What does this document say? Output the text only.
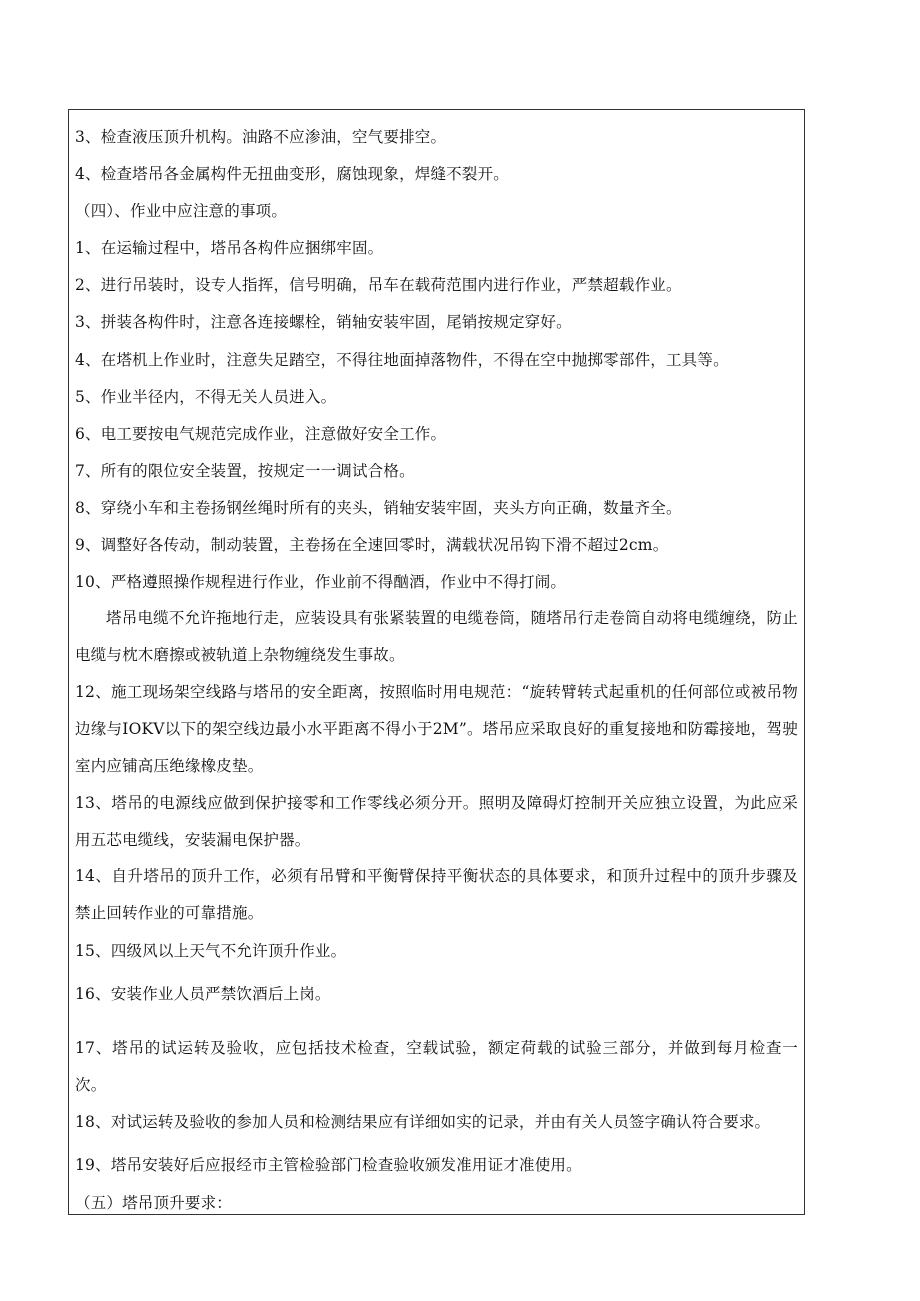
3、检查液压顶升机构。油路不应渗油，空气要排空。
4、检查塔吊各金属构件无扭曲变形，腐蚀现象，焊缝不裂开。
（四）、作业中应注意的事项。
1、在运输过程中，塔吊各构件应捆绑牢固。
2、进行吊装时，设专人指挥，信号明确，吊车在载荷范围内进行作业，严禁超载作业。
3、拼装各构件时，注意各连接螺栓，销轴安装牢固，尾销按规定穿好。
4、在塔机上作业时，注意失足踏空，不得往地面掉落物件，不得在空中抛掷零部件，工具等。
5、作业半径内，不得无关人员进入。
6、电工要按电气规范完成作业，注意做好安全工作。
7、所有的限位安全装置，按规定一一调试合格。
8、穿绕小车和主卷扬钢丝绳时所有的夹头，销轴安装牢固，夹头方向正确，数量齐全。
9、调整好各传动，制动装置，主卷扬在全速回零时，满载状况吊钩下滑不超过2cm。
10、严格遵照操作规程进行作业，作业前不得酗酒，作业中不得打闹。
塔吊电缆不允许拖地行走，应装设具有张紧装置的电缆卷筒，随塔吊行走卷筒自动将电缆缠绕，防止电缆与枕木磨擦或被轨道上杂物缠绕发生事故。
12、施工现场架空线路与塔吊的安全距离，按照临时用电规范：“旋转臂转式起重机的任何部位或被吊物边缘与IOKV以下的架空线边最小水平距离不得小于2M”。塔吊应采取良好的重复接地和防霉接地，驾驶室内应铺高压绝缘橡皮垫。
13、塔吊的电源线应做到保护接零和工作零线必须分开。照明及障碍灯控制开关应独立设置，为此应采用五芯电缆线，安装漏电保护器。
14、自升塔吊的顶升工作，必须有吊臂和平衡臂保持平衡状态的具体要求，和顶升过程中的顶升步骤及禁止回转作业的可靠措施。
15、四级风以上天气不允许顶升作业。
16、安装作业人员严禁饮酒后上岗。
17、塔吊的试运转及验收，应包括技术检查，空载试验，额定荷载的试验三部分，并做到每月检查一次。
18、对试运转及验收的参加人员和检测结果应有详细如实的记录，并由有关人员签字确认符合要求。
19、塔吊安装好后应报经市主管检验部门检查验收颁发准用证才准使用。
（五）塔吊顶升要求：
